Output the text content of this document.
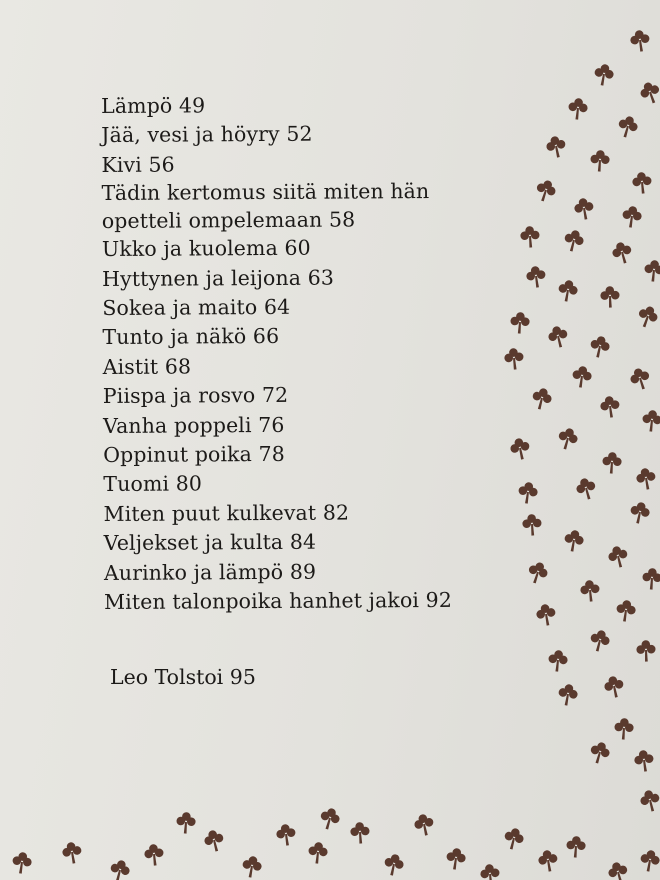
Lämpö 49
Jää, vesi ja höyry 52
Kivi 56
Tädin kertomus siitä miten hän opetteli ompelemaan 58
Ukko ja kuolema 60
Hyttynen ja leijona 63
Sokea ja maito 64
Tunto ja näkö 66
Aistit 68
Piispa ja rosvo 72
Vanha poppeli 76
Oppinut poika 78
Tuomi 80
Miten puut kulkevat 82
Veljekset ja kulta 84
Aurinko ja lämpö 89
Miten talonpoika hanhet jakoi 92
Leo Tolstoi 95
